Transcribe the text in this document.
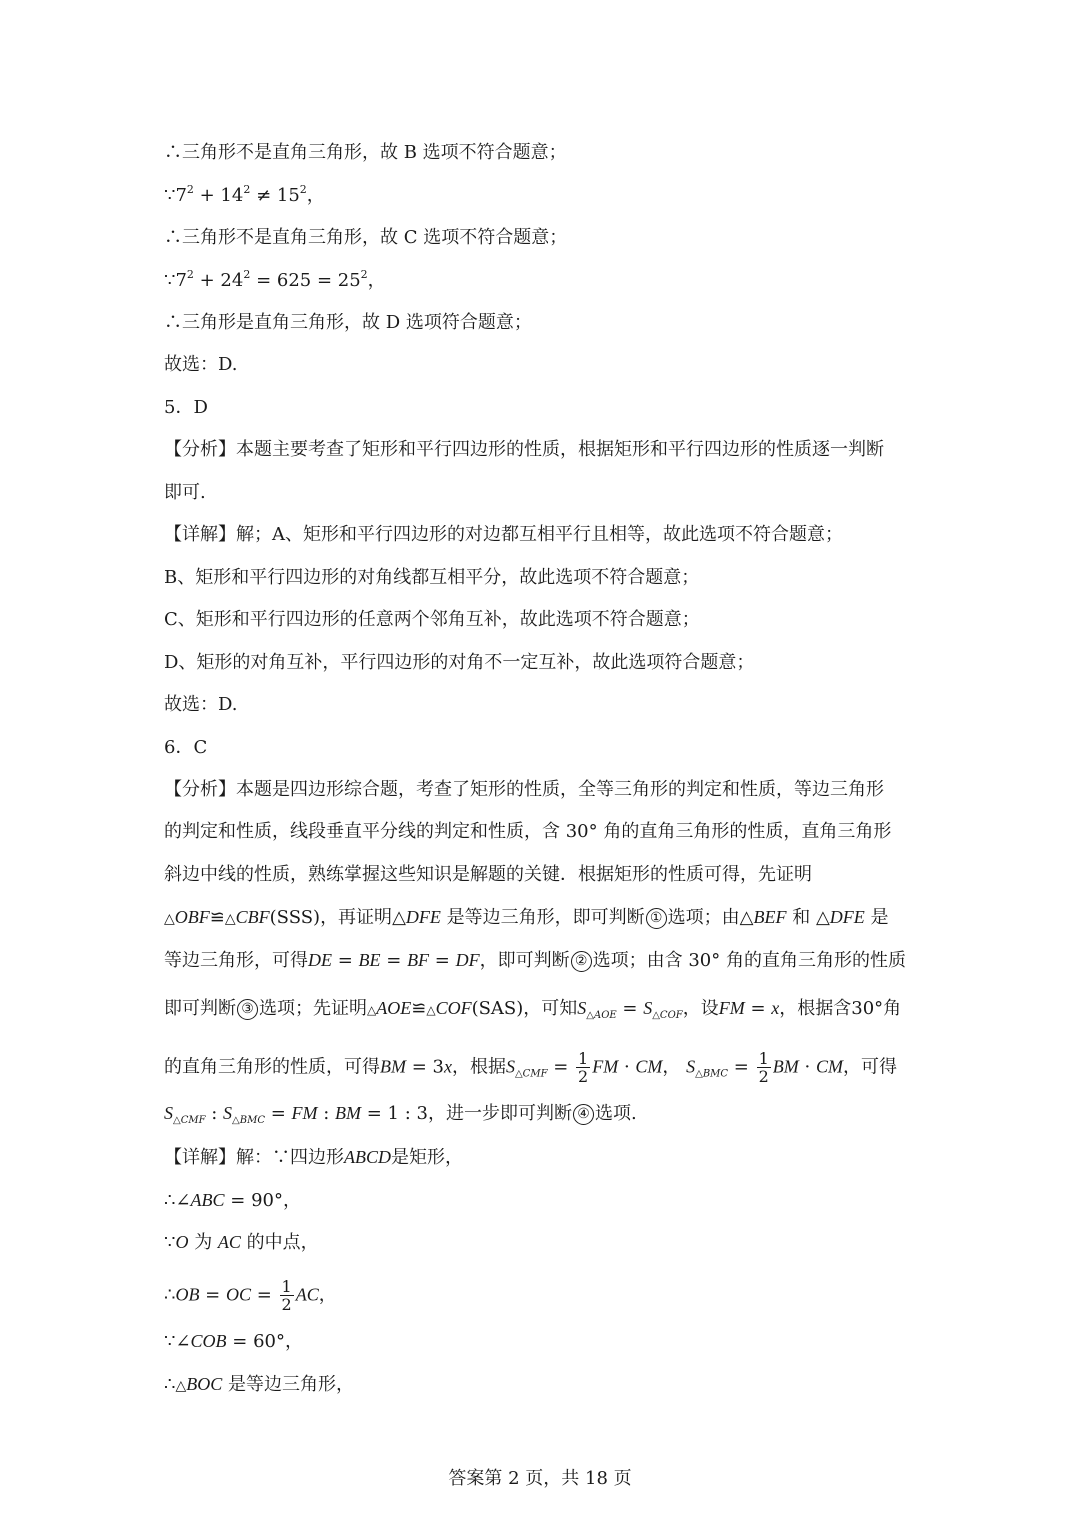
∴三角形不是直角三角形，故 B 选项不符合题意；
$\because 7^2 + 14^2 \ne 15^2$，
∴三角形不是直角三角形，故 C 选项不符合题意；
$\because 7^2 + 24^2 = 625 = 25^2$，
∴三角形是直角三角形，故 D 选项符合题意；
故选：D.
5．D
【分析】本题主要考查了矩形和平行四边形的性质，根据矩形和平行四边形的性质逐一判断
即可.
【详解】解；A、矩形和平行四边形的对边都互相平行且相等，故此选项不符合题意；
B、矩形和平行四边形的对角线都互相平分，故此选项不符合题意；
C、矩形和平行四边形的任意两个邻角互补，故此选项不符合题意；
D、矩形的对角互补，平行四边形的对角不一定互补，故此选项符合题意；
故选：D.
6．C
【分析】本题是四边形综合题，考查了矩形的性质，全等三角形的判定和性质，等边三角形
的判定和性质，线段垂直平分线的判定和性质，含 30° 角的直角三角形的性质，直角三角形
斜边中线的性质，熟练掌握这些知识是解题的关键．根据矩形的性质可得，先证明
△OBF≌△CBF(SSS)，再证明△DFE 是等边三角形，即可判断 ① 选项；由△BEF 和 △DFE 是
等边三角形，可得DE = BE = BF = DF，即可判断 ② 选项；由含 30° 角的直角三角形的性质
即可判断 ③ 选项；先证明△AOE≌△COF(SAS)，可知$S_{\triangle AOE} = S_{\triangle COF}$，设FM = x，根据含30°角
的直角三角形的性质，可得BM = 3x，根据$S_{\triangle CMF} = \frac{1}{2}$ FM · CM， $S_{\triangle BMC} = \frac{1}{2}$ BM · CM，可得
$S_{\triangle CMF}$ : $S_{\triangle BMC}$ = FM : BM = 1 : 3，进一步即可判断 ④ 选项.
【详解】解：∵四边形ABCD是矩形，
∴∠ABC = 90°，
∵O 为 AC 的中点，
∴OB = OC = $\frac{1}{2}$ AC，
∵∠COB = 60°，
∴△BOC 是等边三角形，
答案第 2 页，共 18 页
